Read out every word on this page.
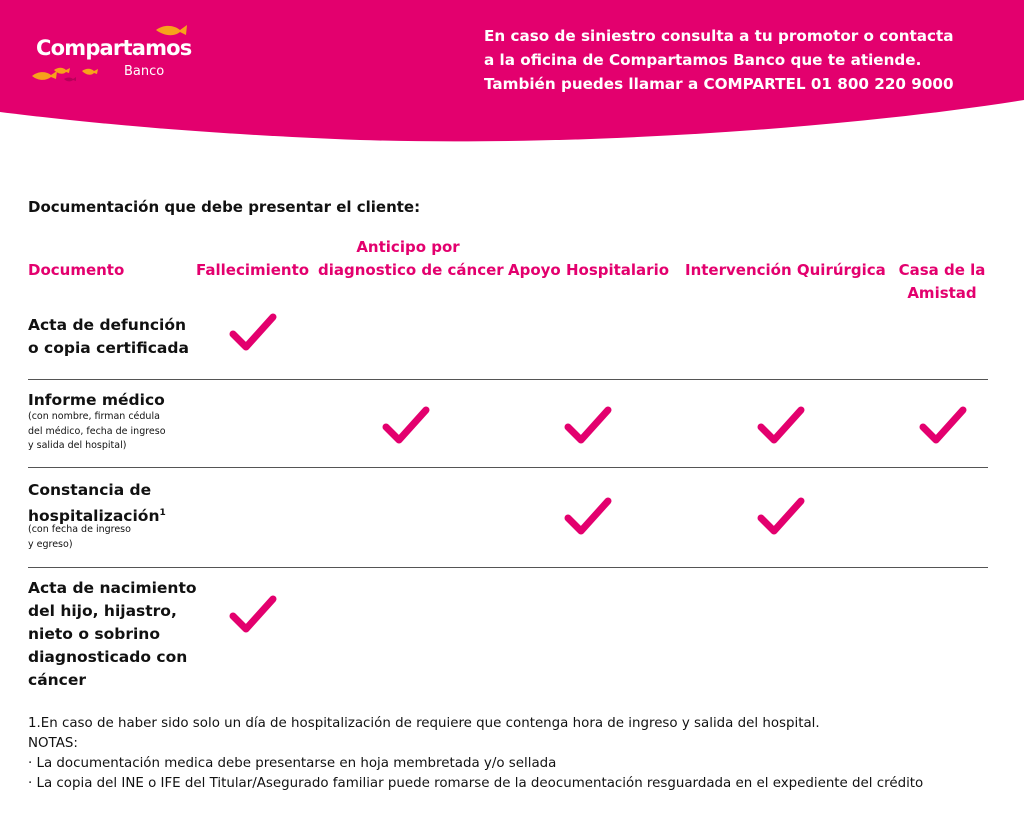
Compartamos
Banco
En caso de siniestro consulta a tu promotor o contacta
a la oficina de Compartamos Banco que te atiende.
También puedes llamar a COMPARTEL 01 800 220 9000
Documentación que debe presentar el cliente:
Documento	Fallecimiento
Anticipo por
diagnostico de cáncer Apoyo Hospitalario Intervención Quirúrgica Casa de la
Amistad
Acta de defunción
o copia certificada
Informe médico
(con nombre, firman cédula
del médico, fecha de ingreso
y salida del hospital)
Constancia de
hospitalización$^1$
(con fecha de ingreso
y egreso)
Acta de nacimiento
del hijo, hijastro,
nieto o sobrino
diagnosticado con
cáncer
1.En caso de haber sido solo un día de hospitalización de requiere que contenga hora de ingreso y salida del hospital.
NOTAS:
· La documentación medica debe presentarse en hoja membretada y/o sellada
· La copia del INE o IFE del Titular/Asegurado familiar puede romarse de la deocumentación resguardada en el expediente del crédito
